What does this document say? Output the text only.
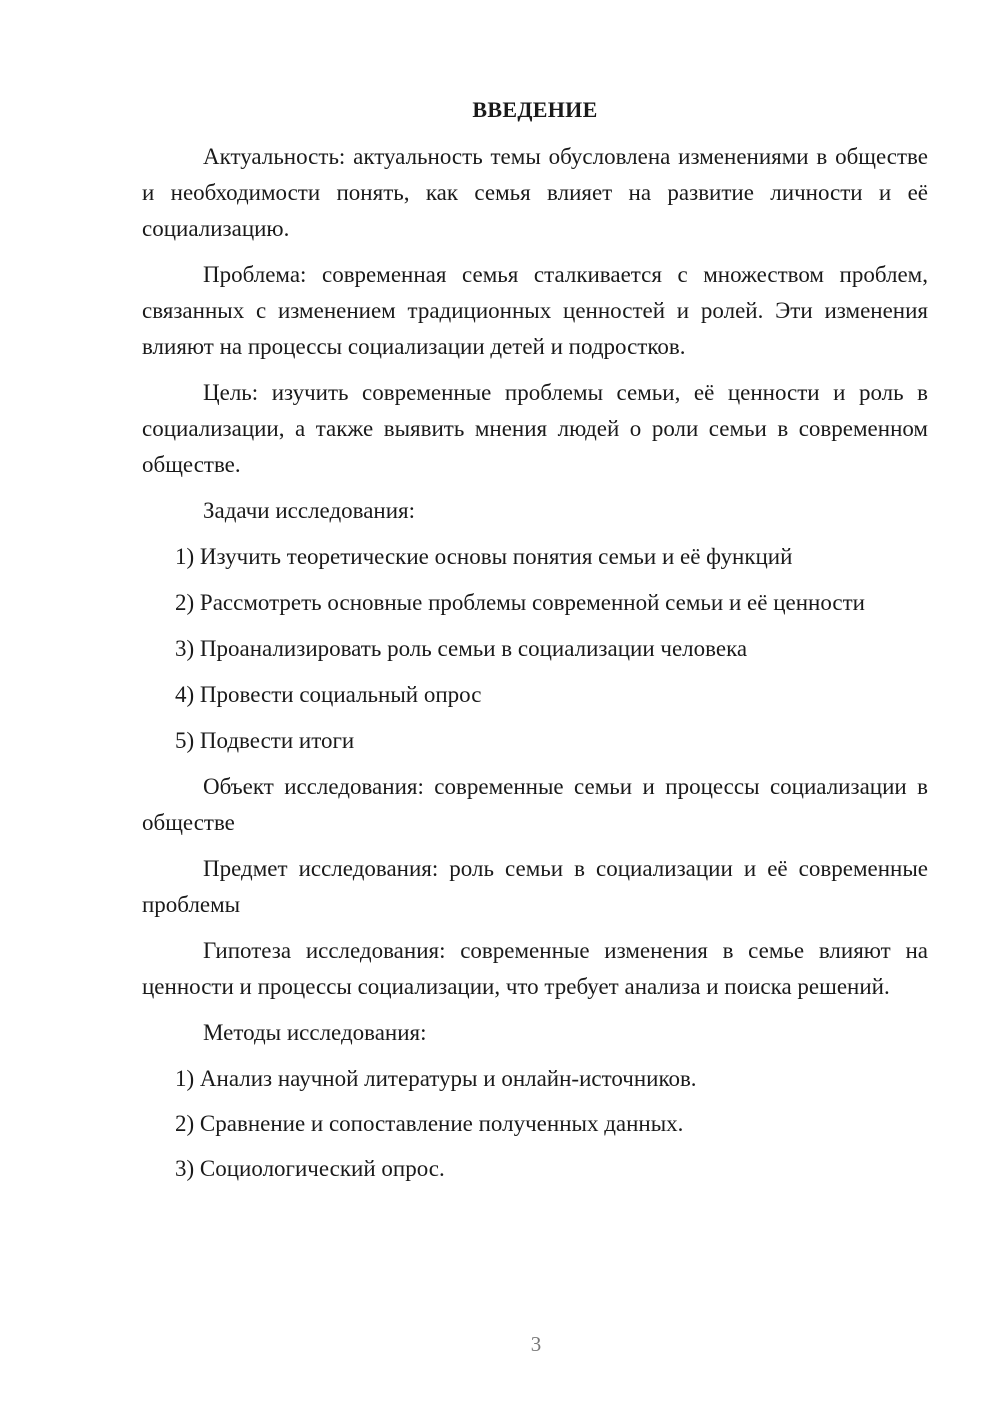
ВВЕДЕНИЕ

Актуальность: актуальность темы обусловлена изменениями в обществе и необходимости понять, как семья влияет на развитие личности и её социализацию.

Проблема: современная семья сталкивается с множеством проблем, связанных с изменением традиционных ценностей и ролей. Эти изменения влияют на процессы социализации детей и подростков.

Цель: изучить современные проблемы семьи, её ценности и роль в социализации, а также выявить мнения людей о роли семьи в современном обществе.

Задачи исследования:

1) Изучить теоретические основы понятия семьи и её функций
2) Рассмотреть основные проблемы современной семьи и её ценности
3) Проанализировать роль семьи в социализации человека
4) Провести социальный опрос
5) Подвести итоги

Объект исследования: современные семьи и процессы социализации в обществе

Предмет исследования: роль семьи в социализации и её современные проблемы

Гипотеза исследования: современные изменения в семье влияют на ценности и процессы социализации, что требует анализа и поиска решений.

Методы исследования:

1) Анализ научной литературы и онлайн-источников.
2) Сравнение и сопоставление полученных данных.
3) Социологический опрос.
3
